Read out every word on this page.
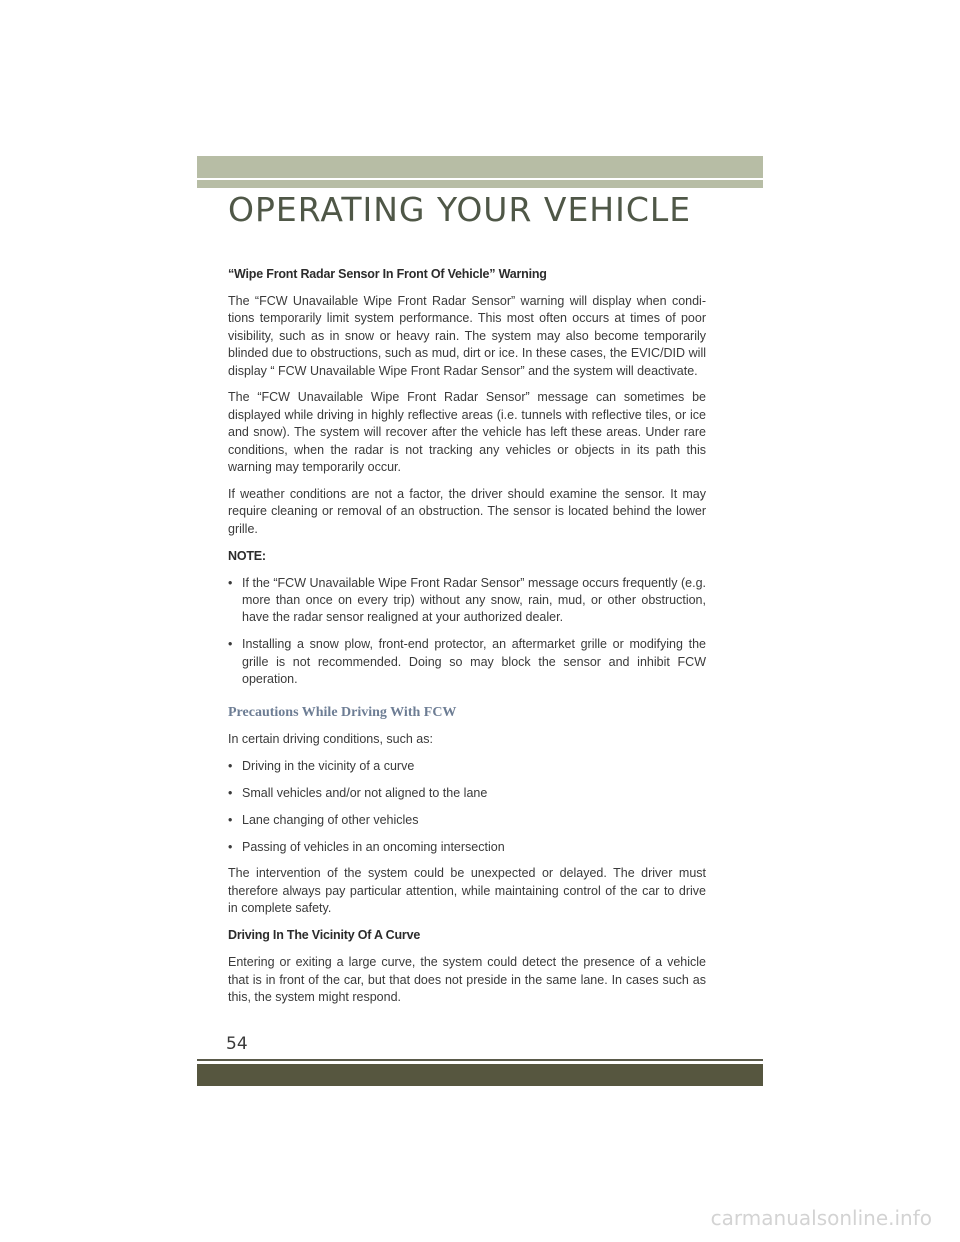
OPERATING YOUR VEHICLE
“Wipe Front Radar Sensor In Front Of Vehicle” Warning

The “FCW Unavailable Wipe Front Radar Sensor” warning will display when condi-tions temporarily limit system performance. This most often occurs at times of poor visibility, such as in snow or heavy rain. The system may also become temporarily blinded due to obstructions, such as mud, dirt or ice. In these cases, the EVIC/DID will display “ FCW Unavailable Wipe Front Radar Sensor” and the system will deactivate.

The “FCW Unavailable Wipe Front Radar Sensor” message can sometimes be displayed while driving in highly reflective areas (i.e. tunnels with reflective tiles, or ice and snow). The system will recover after the vehicle has left these areas. Under rare conditions, when the radar is not tracking any vehicles or objects in its path this warning may temporarily occur.

If weather conditions are not a factor, the driver should examine the sensor. It may require cleaning or removal of an obstruction. The sensor is located behind the lower grille.

NOTE:
• If the “FCW Unavailable Wipe Front Radar Sensor” message occurs frequently (e.g. more than once on every trip) without any snow, rain, mud, or other obstruction, have the radar sensor realigned at your authorized dealer.
• Installing a snow plow, front-end protector, an aftermarket grille or modifying the grille is not recommended. Doing so may block the sensor and inhibit FCW operation.
Precautions While Driving With FCW

In certain driving conditions, such as:

• Driving in the vicinity of a curve
• Small vehicles and/or not aligned to the lane
• Lane changing of other vehicles
• Passing of vehicles in an oncoming intersection

The intervention of the system could be unexpected or delayed. The driver must therefore always pay particular attention, while maintaining control of the car to drive in complete safety.

Driving In The Vicinity Of A Curve

Entering or exiting a large curve, the system could detect the presence of a vehicle that is in front of the car, but that does not preside in the same lane. In cases such as this, the system might respond.

54
carmanualsonline.info
